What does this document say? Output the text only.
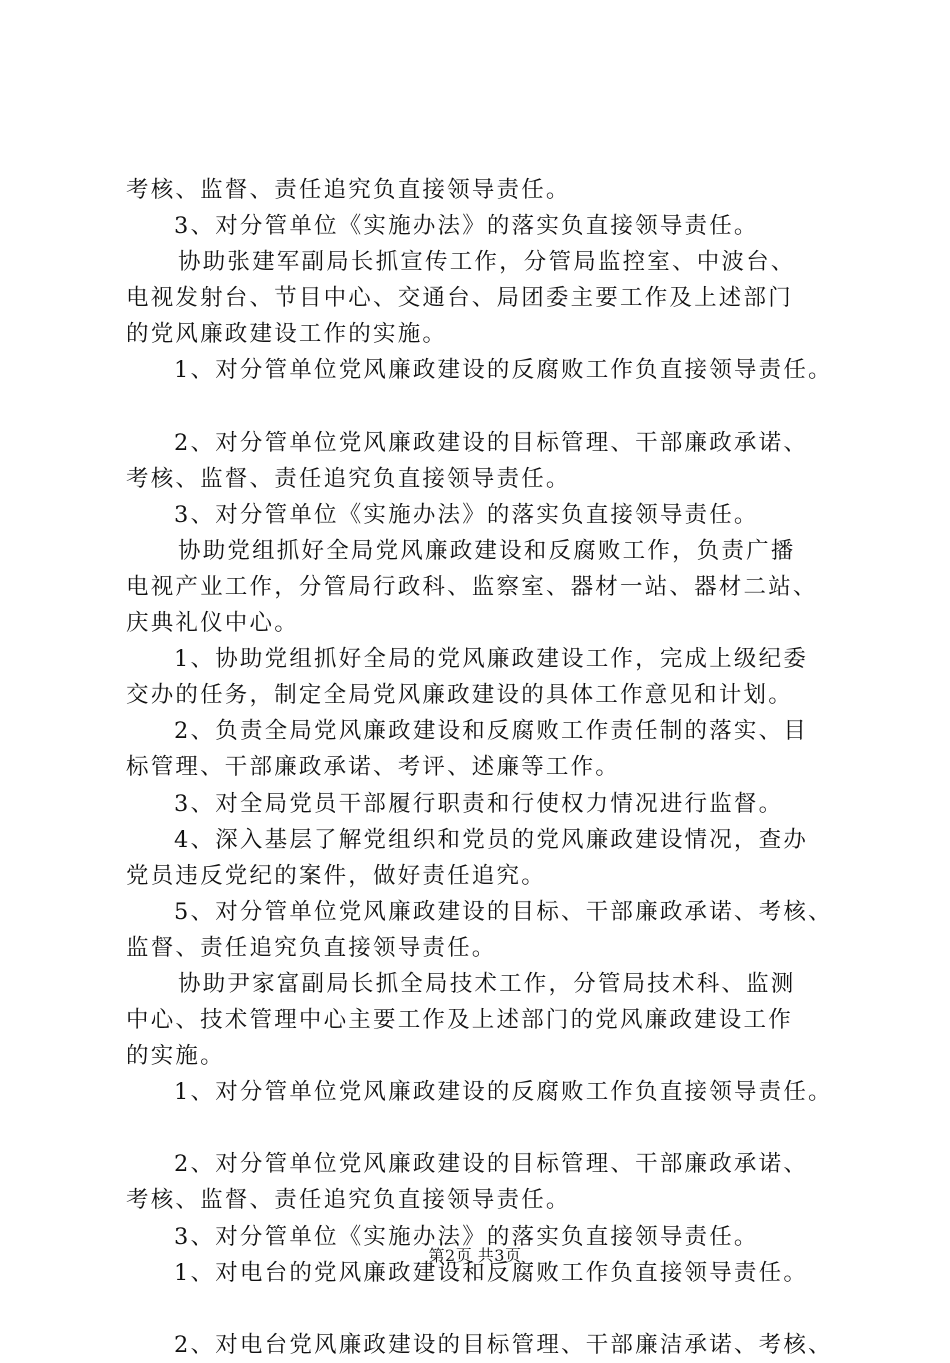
考核、监督、责任追究负直接领导责任。
3、对分管单位《实施办法》的落实负直接领导责任。
协助张建军副局长抓宣传工作，分管局监控室、中波台、
电视发射台、节目中心、交通台、局团委主要工作及上述部门
的党风廉政建设工作的实施。
1、对分管单位党风廉政建设的反腐败工作负直接领导责任。
2、对分管单位党风廉政建设的目标管理、干部廉政承诺、
考核、监督、责任追究负直接领导责任。
3、对分管单位《实施办法》的落实负直接领导责任。
协助党组抓好全局党风廉政建设和反腐败工作，负责广播
电视产业工作，分管局行政科、监察室、器材一站、器材二站、
庆典礼仪中心。
1、协助党组抓好全局的党风廉政建设工作，完成上级纪委
交办的任务，制定全局党风廉政建设的具体工作意见和计划。
2、负责全局党风廉政建设和反腐败工作责任制的落实、目
标管理、干部廉政承诺、考评、述廉等工作。
3、对全局党员干部履行职责和行使权力情况进行监督。
4、深入基层了解党组织和党员的党风廉政建设情况，查办
党员违反党纪的案件，做好责任追究。
5、对分管单位党风廉政建设的目标、干部廉政承诺、考核、
监督、责任追究负直接领导责任。
协助尹家富副局长抓全局技术工作，分管局技术科、监测
中心、技术管理中心主要工作及上述部门的党风廉政建设工作
的实施。
1、对分管单位党风廉政建设的反腐败工作负直接领导责任。
2、对分管单位党风廉政建设的目标管理、干部廉政承诺、
考核、监督、责任追究负直接领导责任。
3、对分管单位《实施办法》的落实负直接领导责任。
1、对电台的党风廉政建设和反腐败工作负直接领导责任。
2、对电台党风廉政建设的目标管理、干部廉洁承诺、考核、
第2页 共3页
